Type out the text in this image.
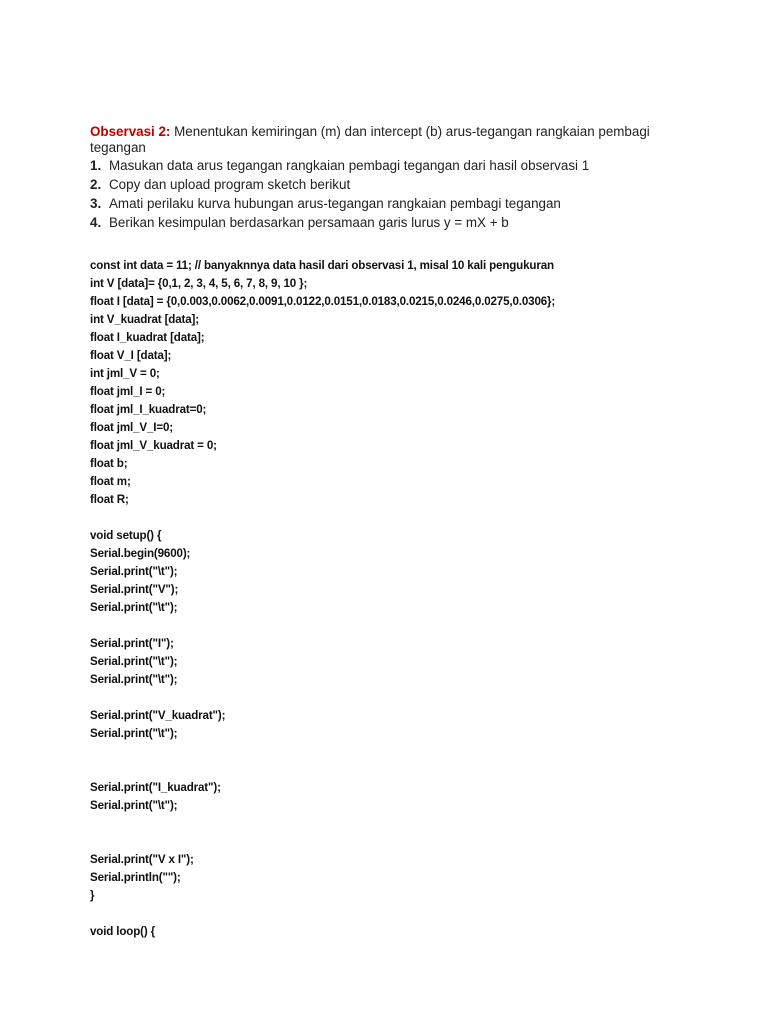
Observasi 2: Menentukan kemiringan (m) dan intercept (b) arus-tegangan rangkaian pembagi tegangan
1. Masukan data arus tegangan rangkaian pembagi tegangan dari hasil observasi 1
2. Copy dan upload program sketch berikut
3. Amati perilaku kurva hubungan arus-tegangan rangkaian pembagi tegangan
4. Berikan kesimpulan berdasarkan persamaan garis lurus y = mX + b
const int data = 11; // banyaknnya data hasil dari observasi 1, misal 10 kali pengukuran
int V [data]= {0,1, 2, 3, 4, 5, 6, 7, 8, 9, 10 };
float I [data] = {0,0.003,0.0062,0.0091,0.0122,0.0151,0.0183,0.0215,0.0246,0.0275,0.0306};
int V_kuadrat [data];
float I_kuadrat [data];
float V_I [data];
int jml_V = 0;
float jml_I = 0;
float jml_I_kuadrat=0;
float jml_V_I=0;
float jml_V_kuadrat = 0;
float b;
float m;
float R;
void setup() {
Serial.begin(9600);
Serial.print("\t");
Serial.print("V");
Serial.print("\t");
Serial.print("I");
Serial.print("\t");
Serial.print("\t");
Serial.print("V_kuadrat");
Serial.print("\t");
Serial.print("I_kuadrat");
Serial.print("\t");
Serial.print("V x I");
Serial.println("");
}
void loop() {
